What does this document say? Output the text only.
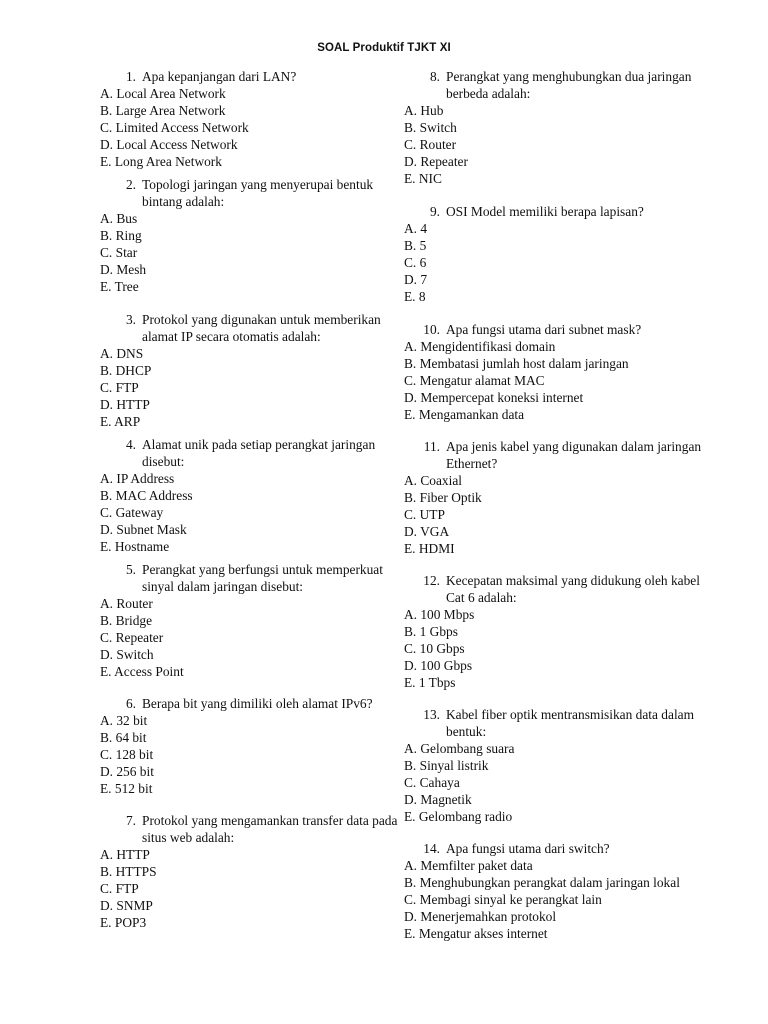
SOAL Produktif TJKT XI
1. Apa kepanjangan dari LAN?
A. Local Area Network
B. Large Area Network
C. Limited Access Network
D. Local Access Network
E. Long Area Network
2. Topologi jaringan yang menyerupai bentuk bintang adalah:
A. Bus
B. Ring
C. Star
D. Mesh
E. Tree
3. Protokol yang digunakan untuk memberikan alamat IP secara otomatis adalah:
A. DNS
B. DHCP
C. FTP
D. HTTP
E. ARP
4. Alamat unik pada setiap perangkat jaringan disebut:
A. IP Address
B. MAC Address
C. Gateway
D. Subnet Mask
E. Hostname
5. Perangkat yang berfungsi untuk memperkuat sinyal dalam jaringan disebut:
A. Router
B. Bridge
C. Repeater
D. Switch
E. Access Point
6. Berapa bit yang dimiliki oleh alamat IPv6?
A. 32 bit
B. 64 bit
C. 128 bit
D. 256 bit
E. 512 bit
7. Protokol yang mengamankan transfer data pada situs web adalah:
A. HTTP
B. HTTPS
C. FTP
D. SNMP
E. POP3
8. Perangkat yang menghubungkan dua jaringan berbeda adalah:
A. Hub
B. Switch
C. Router
D. Repeater
E. NIC
9. OSI Model memiliki berapa lapisan?
A. 4
B. 5
C. 6
D. 7
E. 8
10. Apa fungsi utama dari subnet mask?
A. Mengidentifikasi domain
B. Membatasi jumlah host dalam jaringan
C. Mengatur alamat MAC
D. Mempercepat koneksi internet
E. Mengamankan data
11. Apa jenis kabel yang digunakan dalam jaringan Ethernet?
A. Coaxial
B. Fiber Optik
C. UTP
D. VGA
E. HDMI
12. Kecepatan maksimal yang didukung oleh kabel Cat 6 adalah:
A. 100 Mbps
B. 1 Gbps
C. 10 Gbps
D. 100 Gbps
E. 1 Tbps
13. Kabel fiber optik mentransmisikan data dalam bentuk:
A. Gelombang suara
B. Sinyal listrik
C. Cahaya
D. Magnetik
E. Gelombang radio
14. Apa fungsi utama dari switch?
A. Memfilter paket data
B. Menghubungkan perangkat dalam jaringan lokal
C. Membagi sinyal ke perangkat lain
D. Menerjemahkan protokol
E. Mengatur akses internet
